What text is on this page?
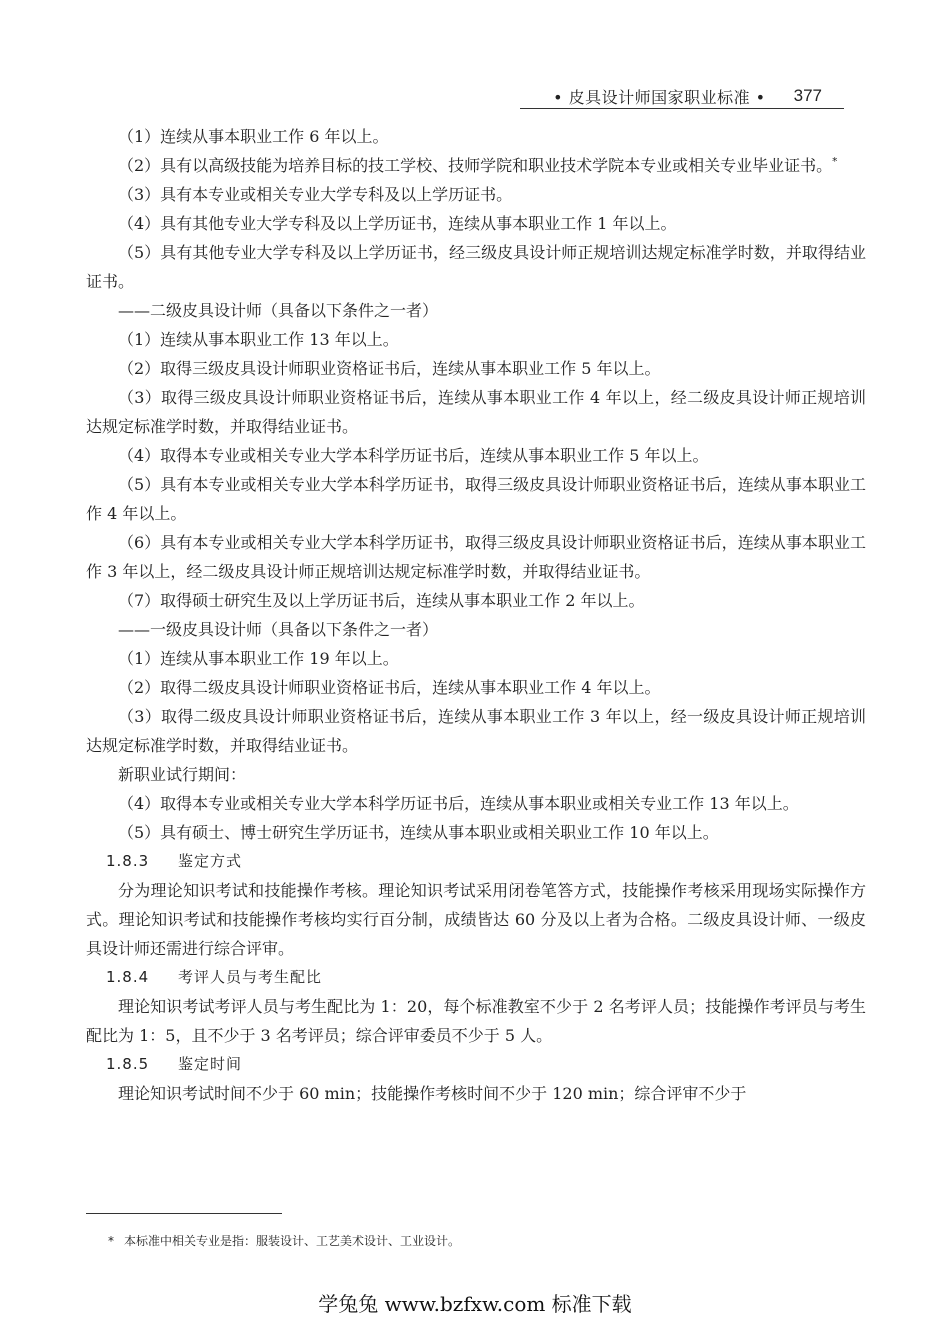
• 皮具设计师国家职业标准 • 377

（1）连续从事本职业工作 6 年以上。

（2）具有以高级技能为培养目标的技工学校、技师学院和职业技术学院本专业或相关专业毕业证书。*

（3）具有本专业或相关专业大学专科及以上学历证书。

（4）具有其他专业大学专科及以上学历证书，连续从事本职业工作 1 年以上。

（5）具有其他专业大学专科及以上学历证书，经三级皮具设计师正规培训达规定标准学时数，并取得结业证书。

——二级皮具设计师（具备以下条件之一者）

（1）连续从事本职业工作 13 年以上。

（2）取得三级皮具设计师职业资格证书后，连续从事本职业工作 5 年以上。

（3）取得三级皮具设计师职业资格证书后，连续从事本职业工作 4 年以上，经二级皮具设计师正规培训达规定标准学时数，并取得结业证书。

（4）取得本专业或相关专业大学本科学历证书后，连续从事本职业工作 5 年以上。

（5）具有本专业或相关专业大学本科学历证书，取得三级皮具设计师职业资格证书后，连续从事本职业工作 4 年以上。

（6）具有本专业或相关专业大学本科学历证书，取得三级皮具设计师职业资格证书后，连续从事本职业工作 3 年以上，经二级皮具设计师正规培训达规定标准学时数，并取得结业证书。

（7）取得硕士研究生及以上学历证书后，连续从事本职业工作 2 年以上。

——一级皮具设计师（具备以下条件之一者）

（1）连续从事本职业工作 19 年以上。

（2）取得二级皮具设计师职业资格证书后，连续从事本职业工作 4 年以上。

（3）取得二级皮具设计师职业资格证书后，连续从事本职业工作 3 年以上，经一级皮具设计师正规培训达规定标准学时数，并取得结业证书。

新职业试行期间：

（4）取得本专业或相关专业大学本科学历证书后，连续从事本职业或相关专业工作 13 年以上。

（5）具有硕士、博士研究生学历证书，连续从事本职业或相关职业工作 10 年以上。

1.8.3 鉴定方式

分为理论知识考试和技能操作考核。理论知识考试采用闭卷笔答方式，技能操作考核采用现场实际操作方式。理论知识考试和技能操作考核均实行百分制，成绩皆达 60 分及以上者为合格。二级皮具设计师、一级皮具设计师还需进行综合评审。

1.8.4 考评人员与考生配比

理论知识考试考评人员与考生配比为 1：20，每个标准教室不少于 2 名考评人员；技能操作考评员与考生配比为 1：5，且不少于 3 名考评员；综合评审委员不少于 5 人。

1.8.5 鉴定时间

理论知识考试时间不少于 60 min；技能操作考核时间不少于 120 min；综合评审不少于

* 本标准中相关专业是指：服装设计、工艺美术设计、工业设计。
学兔兔 www.bzfxw.com 标准下载
